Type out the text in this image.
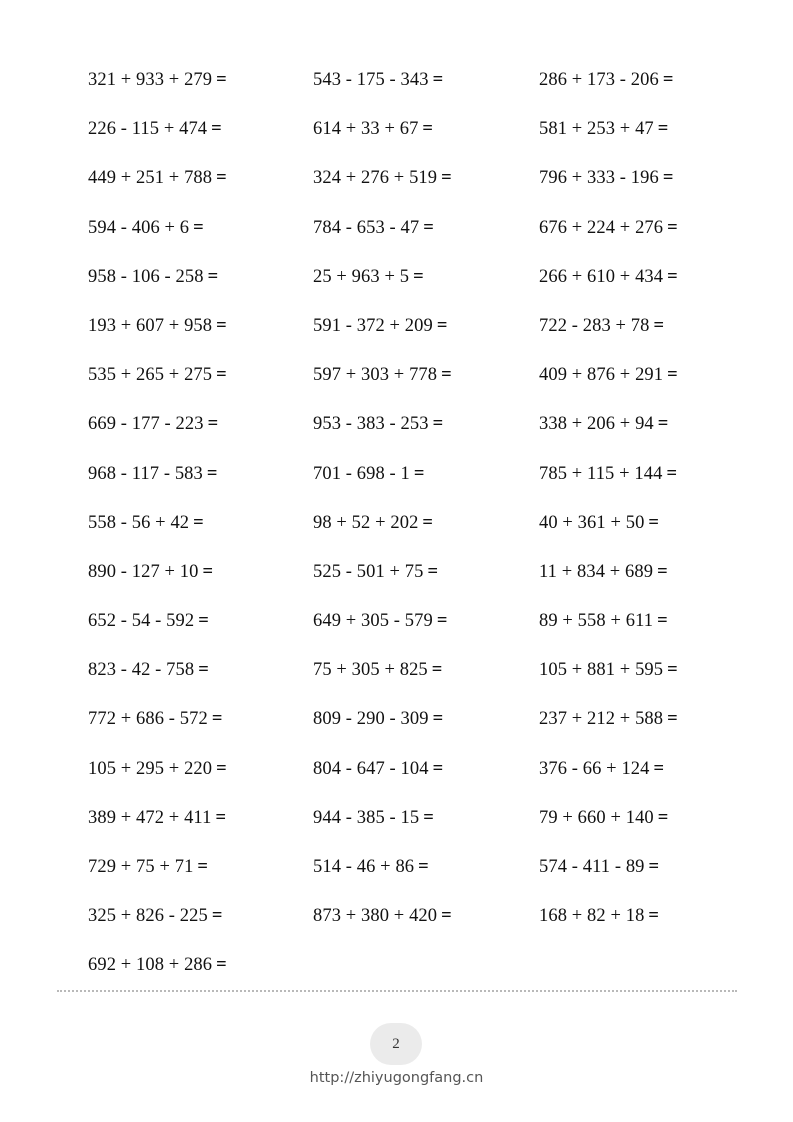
321 + 933 + 279 =	543 - 175 - 343 =	286 + 173 - 206 =
226 - 115 + 474 =	614 + 33 + 67 =	581 + 253 + 47 =
449 + 251 + 788 =	324 + 276 + 519 =	796 + 333 - 196 =
594 - 406 + 6 =	784 - 653 - 47 =	676 + 224 + 276 =
958 - 106 - 258 =	25 + 963 + 5 =	266 + 610 + 434 =
193 + 607 + 958 =	591 - 372 + 209 =	722 - 283 + 78 =
535 + 265 + 275 =	597 + 303 + 778 =	409 + 876 + 291 =
669 - 177 - 223 =	953 - 383 - 253 =	338 + 206 + 94 =
968 - 117 - 583 =	701 - 698 - 1 =	785 + 115 + 144 =
558 - 56 + 42 =	98 + 52 + 202 =	40 + 361 + 50 =
890 - 127 + 10 =	525 - 501 + 75 =	11 + 834 + 689 =
652 - 54 - 592 =	649 + 305 - 579 =	89 + 558 + 611 =
823 - 42 - 758 =	75 + 305 + 825 =	105 + 881 + 595 =
772 + 686 - 572 =	809 - 290 - 309 =	237 + 212 + 588 =
105 + 295 + 220 =	804 - 647 - 104 =	376 - 66 + 124 =
389 + 472 + 411 =	944 - 385 - 15 =	79 + 660 + 140 =
729 + 75 + 71 =	514 - 46 + 86 =	574 - 411 - 89 =
325 + 826 - 225 =	873 + 380 + 420 =	168 + 82 + 18 =
692 + 108 + 286 =
2
http://zhiyugongfang.cn
